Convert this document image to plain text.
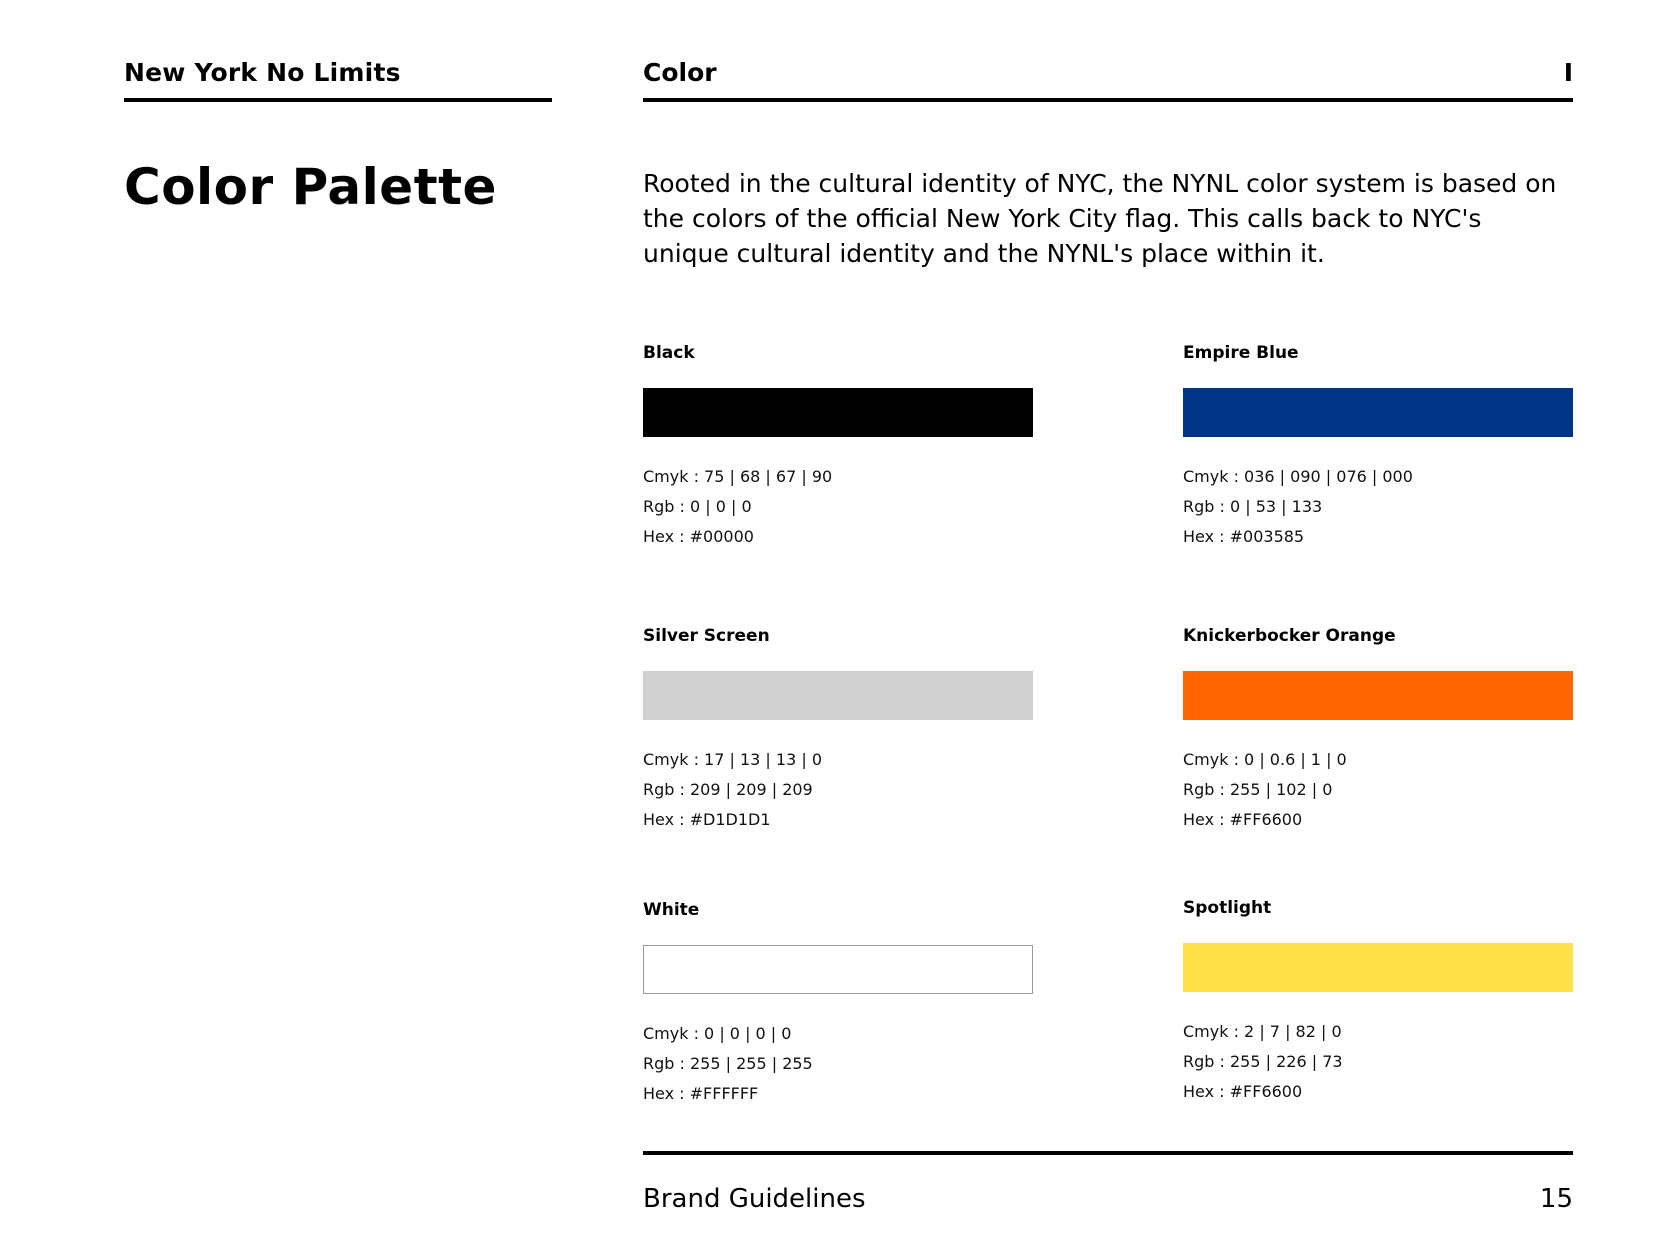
New York No Limits	Color	I
Color Palette	Rooted in the cultural identity of NYC, the NYNL color system is based on the colors of the official New York City flag. This calls back to NYC's unique cultural identity and the NYNL's place within it.

Black
Cmyk : 75 | 68 | 67 | 90
Rgb : 0 | 0 | 0
Hex : #00000
Empire Blue
Cmyk : 036 | 090 | 076 | 000
Rgb : 0 | 53 | 133
Hex : #003585
Silver Screen
Cmyk : 17 | 13 | 13 | 0
Rgb : 209 | 209 | 209
Hex : #D1D1D1
Knickerbocker Orange
Cmyk : 0 | 0.6 | 1 | 0
Rgb : 255 | 102 | 0
Hex : #FF6600
White
Cmyk : 0 | 0 | 0 | 0
Rgb : 255 | 255 | 255
Hex : #FFFFFF
Spotlight
Cmyk : 2 | 7 | 82 | 0
Rgb : 255 | 226 | 73
Hex : #FF6600
Brand Guidelines	15
